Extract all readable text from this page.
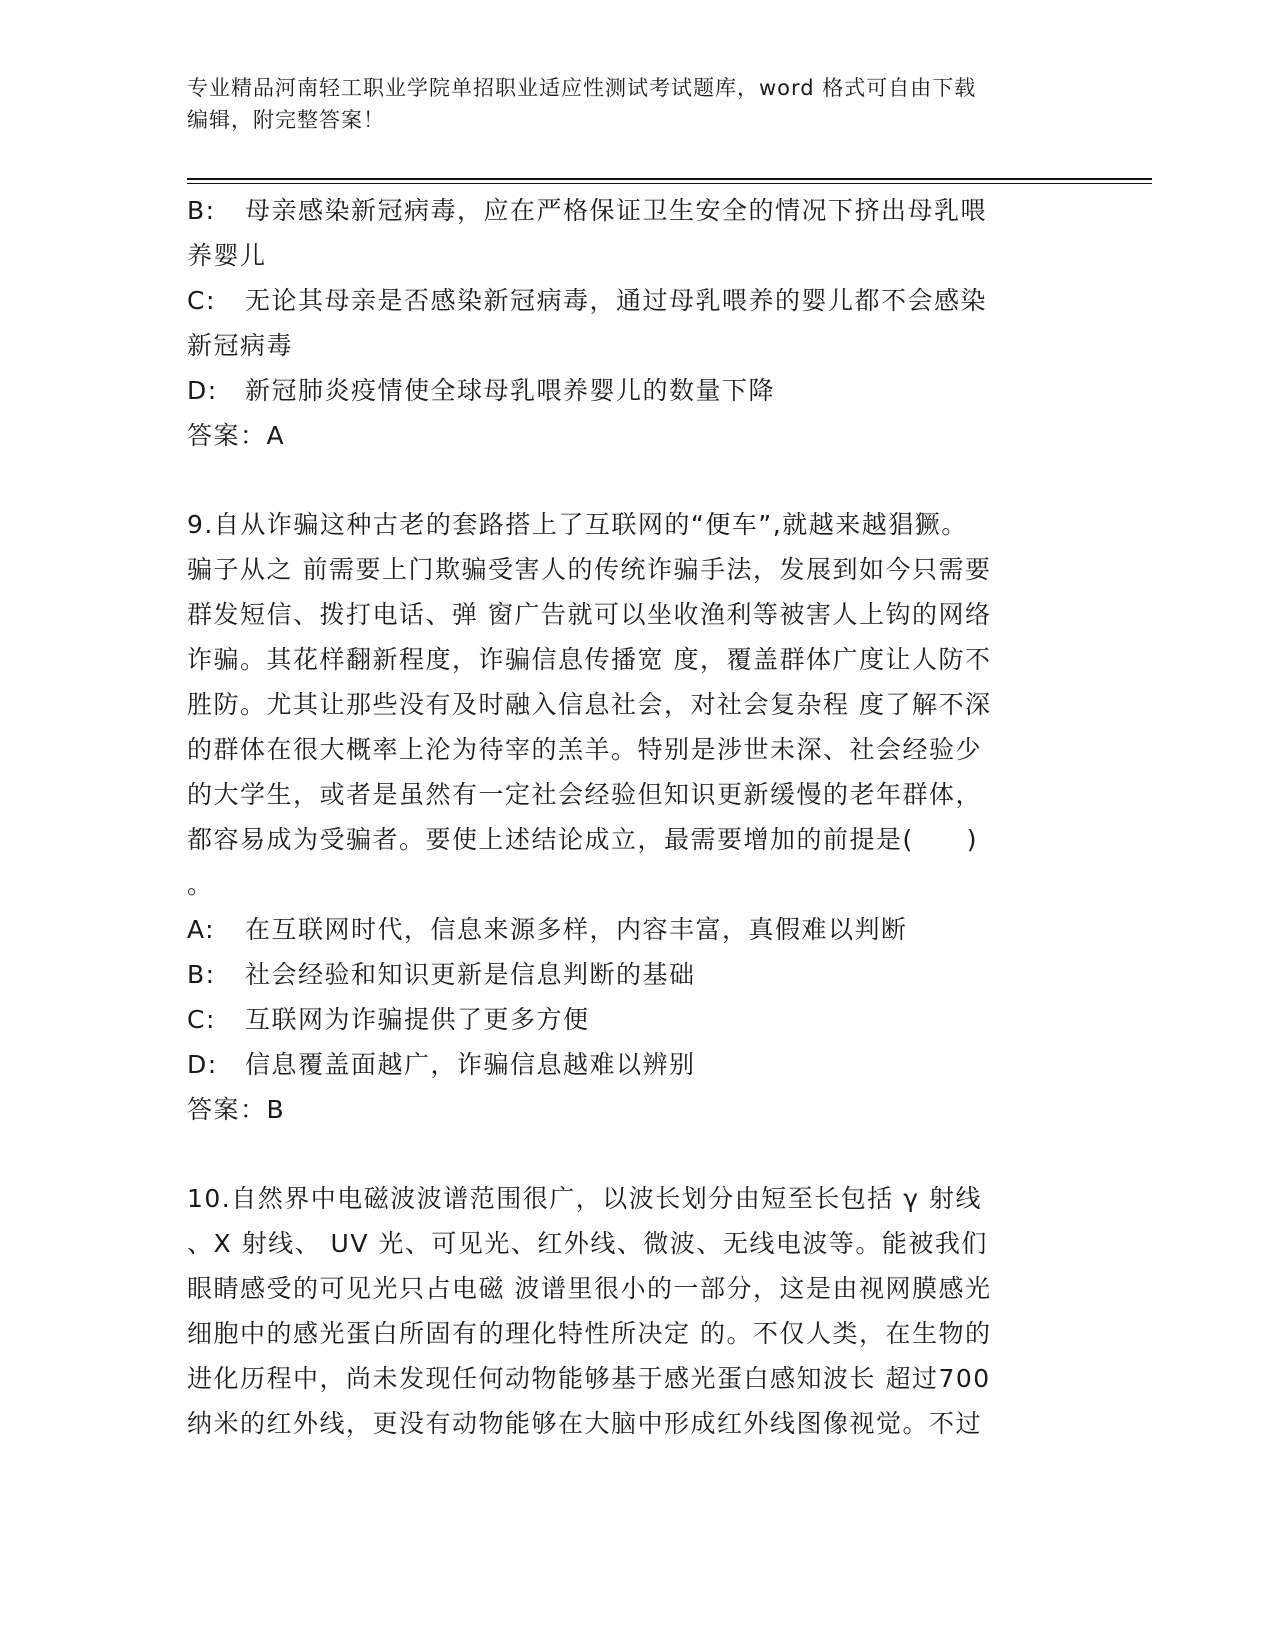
专业精品河南轻工职业学院单招职业适应性测试考试题库，word 格式可自由下载
编辑，附完整答案！
B: 母亲感染新冠病毒，应在严格保证卫生安全的情况下挤出母乳喂
养婴儿
C: 无论其母亲是否感染新冠病毒，通过母乳喂养的婴儿都不会感染
新冠病毒
D: 新冠肺炎疫情使全球母乳喂养婴儿的数量下降
答案：A
9.自从诈骗这种古老的套路搭上了互联网的“便车”,就越来越猖獗。
骗子从之 前需要上门欺骗受害人的传统诈骗手法，发展到如今只需要
群发短信、拨打电话、弹 窗广告就可以坐收渔利等被害人上钩的网络
诈骗。其花样翻新程度，诈骗信息传播宽 度，覆盖群体广度让人防不
胜防。尤其让那些没有及时融入信息社会，对社会复杂程 度了解不深
的群体在很大概率上沦为待宰的羔羊。特别是涉世未深、社会经验少
的大学生，或者是虽然有一定社会经验但知识更新缓慢的老年群体，
都容易成为受骗者。要使上述结论成立，最需要增加的前提是(　　)
。
A: 在互联网时代，信息来源多样，内容丰富，真假难以判断
B: 社会经验和知识更新是信息判断的基础
C: 互联网为诈骗提供了更多方便
D: 信息覆盖面越广，诈骗信息越难以辨别
答案：B
10.自然界中电磁波波谱范围很广，以波长划分由短至长包括 γ 射线
、X 射线、 UV 光、可见光、红外线、微波、无线电波等。能被我们
眼睛感受的可见光只占电磁 波谱里很小的一部分，这是由视网膜感光
细胞中的感光蛋白所固有的理化特性所决定 的。不仅人类，在生物的
进化历程中，尚未发现任何动物能够基于感光蛋白感知波长 超过700
纳米的红外线，更没有动物能够在大脑中形成红外线图像视觉。不过
